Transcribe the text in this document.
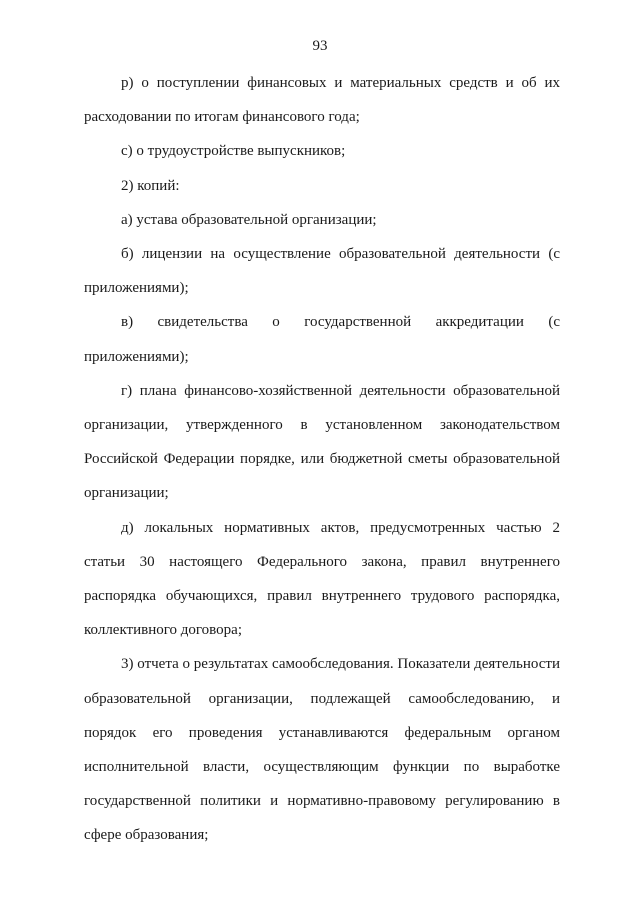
93

р) о поступлении финансовых и материальных средств и об их расходовании по итогам финансового года;

с) о трудоустройстве выпускников;

2) копий:

а) устава образовательной организации;

б) лицензии на осуществление образовательной деятельности (с приложениями);

в) свидетельства о государственной аккредитации (с приложениями);

г) плана финансово-хозяйственной деятельности образовательной организации, утвержденного в установленном законодательством Российской Федерации порядке, или бюджетной сметы образовательной организации;

д) локальных нормативных актов, предусмотренных частью 2 статьи 30 настоящего Федерального закона, правил внутреннего распорядка обучающихся, правил внутреннего трудового распорядка, коллективного договора;

3) отчета о результатах самообследования. Показатели деятельности образовательной организации, подлежащей самообследованию, и порядок его проведения устанавливаются федеральным органом исполнительной власти, осуществляющим функции по выработке государственной политики и нормативно-правовому регулированию в сфере образования;
